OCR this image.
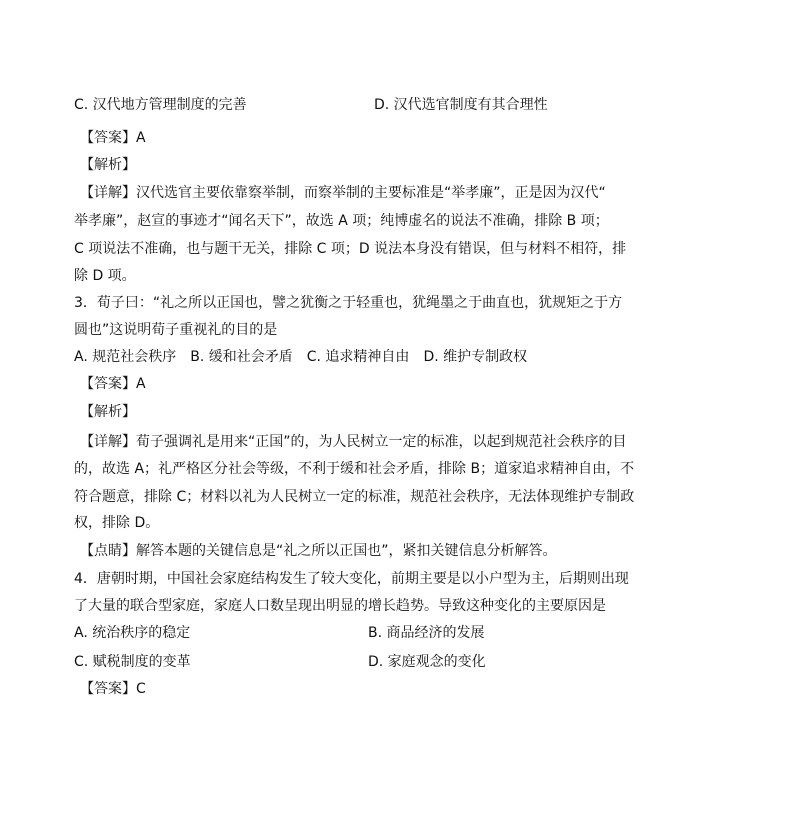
C. 汉代地方管理制度的完善	D. 汉代选官制度有其合理性
【答案】A
【解析】
【详解】汉代选官主要依靠察举制，而察举制的主要标准是“举孝廉”，正是因为汉代“
举孝廉”，赵宣的事迹才“闻名天下”，故选 A 项；纯博虚名的说法不准确，排除 B 项；
C 项说法不准确，也与题干无关，排除 C 项；D 说法本身没有错误，但与材料不相符，排
除 D 项。
3．荀子曰：“礼之所以正国也，譬之犹衡之于轻重也，犹绳墨之于曲直也，犹规矩之于方
圆也”这说明荀子重视礼的目的是
A. 规范社会秩序 B. 缓和社会矛盾 C. 追求精神自由 D. 维护专制政权
【答案】A
【解析】
【详解】荀子强调礼是用来“正国”的，为人民树立一定的标准，以起到规范社会秩序的目
的，故选 A；礼严格区分社会等级，不利于缓和社会矛盾，排除 B；道家追求精神自由，不
符合题意，排除 C；材料以礼为人民树立一定的标准，规范社会秩序，无法体现维护专制政
权，排除 D。
【点睛】解答本题的关键信息是“礼之所以正国也”，紧扣关键信息分析解答。
4．唐朝时期，中国社会家庭结构发生了较大变化，前期主要是以小户型为主，后期则出现
了大量的联合型家庭，家庭人口数呈现出明显的增长趋势。导致这种变化的主要原因是
A. 统治秩序的稳定	B. 商品经济的发展
C. 赋税制度的变革	D. 家庭观念的变化
【答案】C
